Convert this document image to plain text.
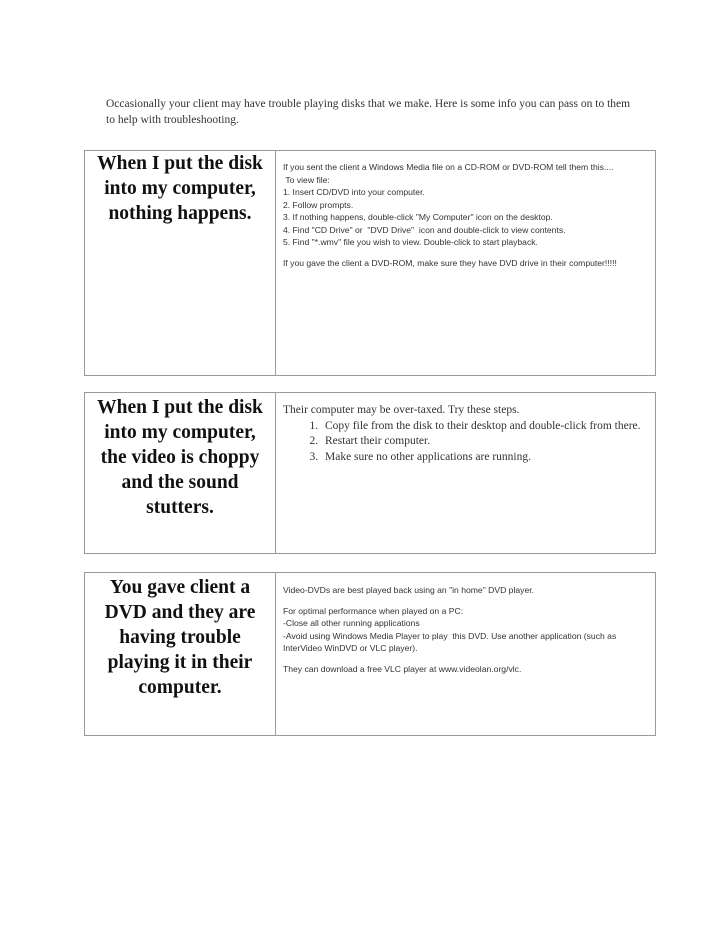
Occasionally your client may have trouble playing disks that we make. Here is some info you can pass on to them to help with troubleshooting.
When I put the disk into my computer, nothing happens.
If you sent the client a Windows Media file on a CD-ROM or DVD-ROM tell them this....
To view file:
1. Insert CD/DVD into your computer.
2. Follow prompts.
3. If nothing happens, double-click "My Computer" icon on the desktop.
4. Find "CD Drive" or  "DVD Drive"  icon and double-click to view contents.
5. Find "*.wmv" file you wish to view. Double-click to start playback.
If you gave the client a DVD-ROM, make sure they have DVD drive in their computer!!!!!
When I put the disk into my computer, the video is choppy and the sound stutters.
Their computer may be over-taxed. Try these steps.
1. Copy file from the disk to their desktop and double-click from there.
2. Restart their computer.
3. Make sure no other applications are running.
You gave client a DVD and they are having trouble playing it in their computer.
Video-DVDs are best played back using an "in home" DVD player.
For optimal performance when played on a PC:
-Close all other running applications
-Avoid using Windows Media Player to play  this DVD. Use another application (such as InterVideo WinDVD or VLC player).
They can download a free VLC player at www.videolan.org/vlc.
